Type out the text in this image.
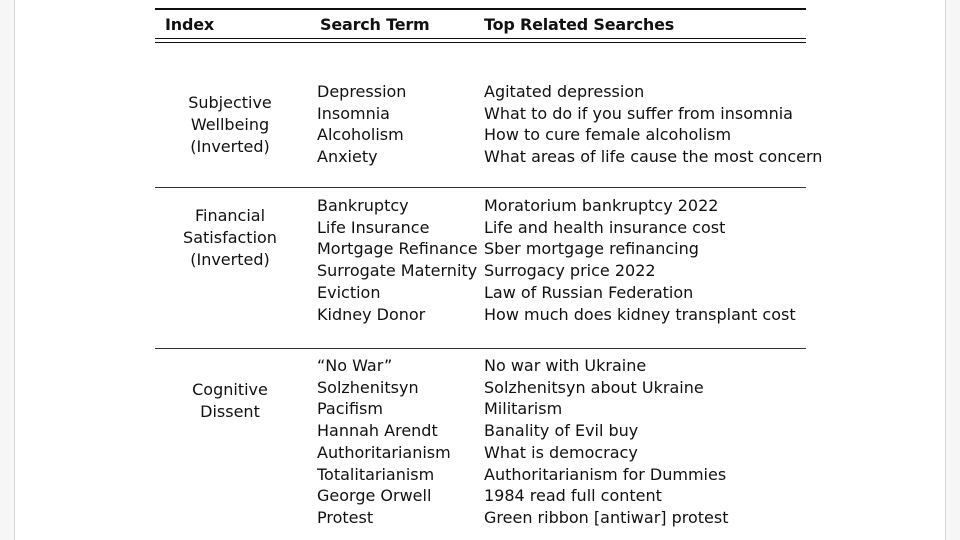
Index	Search Term	Top Related Searches
Subjective
Wellbeing
(Inverted)
Depression
Insomnia
Alcoholism
Anxiety
Agitated depression
What to do if you suffer from insomnia
How to cure female alcoholism
What areas of life cause the most concern
Financial
Satisfaction
(Inverted)
Bankruptcy
Life Insurance
Mortgage Refinance
Surrogate Maternity
Eviction
Kidney Donor
Moratorium bankruptcy 2022
Life and health insurance cost
Sber mortgage refinancing
Surrogacy price 2022
Law of Russian Federation
How much does kidney transplant cost
Cognitive
Dissent
“No War”
Solzhenitsyn
Pacifism
Hannah Arendt
Authoritarianism
Totalitarianism
George Orwell
Protest
No war with Ukraine
Solzhenitsyn about Ukraine
Militarism
Banality of Evil buy
What is democracy
Authoritarianism for Dummies
1984 read full content
Green ribbon [antiwar] protest
